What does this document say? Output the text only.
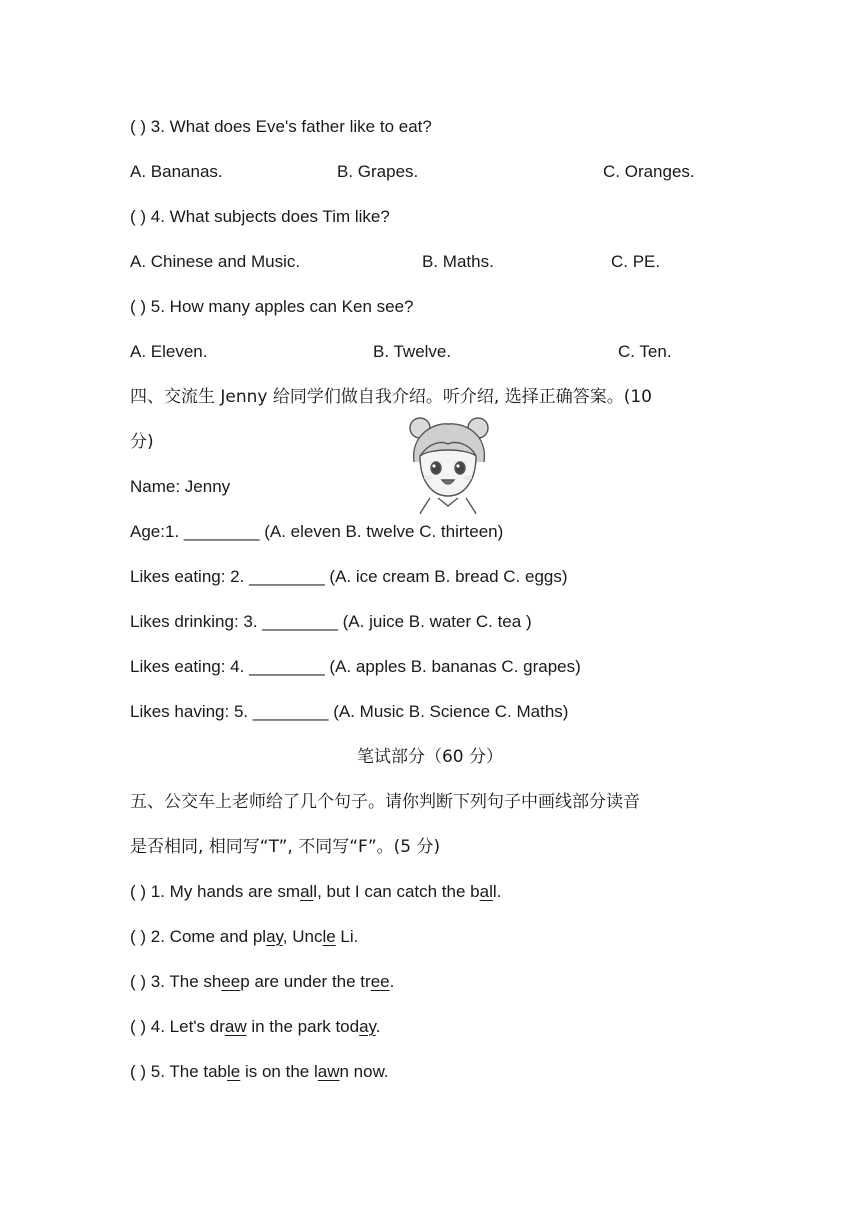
( ) 3. What does Eve's father like to eat?
A. Bananas.	B. Grapes.	C. Oranges.
( ) 4. What subjects does Tim like?
A. Chinese and Music.	B. Maths.	C. PE.
( ) 5. How many apples can Ken see?
A. Eleven.	B. Twelve.	C. Ten.
四、交流生 Jenny 给同学们做自我介绍。听介绍, 选择正确答案。(10
分)
Name: Jenny
Age:1. ________ (A. eleven B. twelve C. thirteen)
Likes eating: 2. ________ (A. ice cream B. bread C. eggs)
Likes drinking: 3. ________ (A. juice B. water C. tea )
Likes eating: 4. ________ (A. apples B. bananas C. grapes)
Likes having: 5. ________ (A. Music B. Science C. Maths)
笔试部分（60 分）
五、公交车上老师给了几个句子。请你判断下列句子中画线部分读音
是否相同, 相同写“T”, 不同写“F”。(5 分)
( ) 1. My hands are small, but I can catch the ball.
( ) 2. Come and play, Uncle Li.
( ) 3. The sheep are under the tree.
( ) 4. Let's draw in the park today.
( ) 5. The table is on the lawn now.
